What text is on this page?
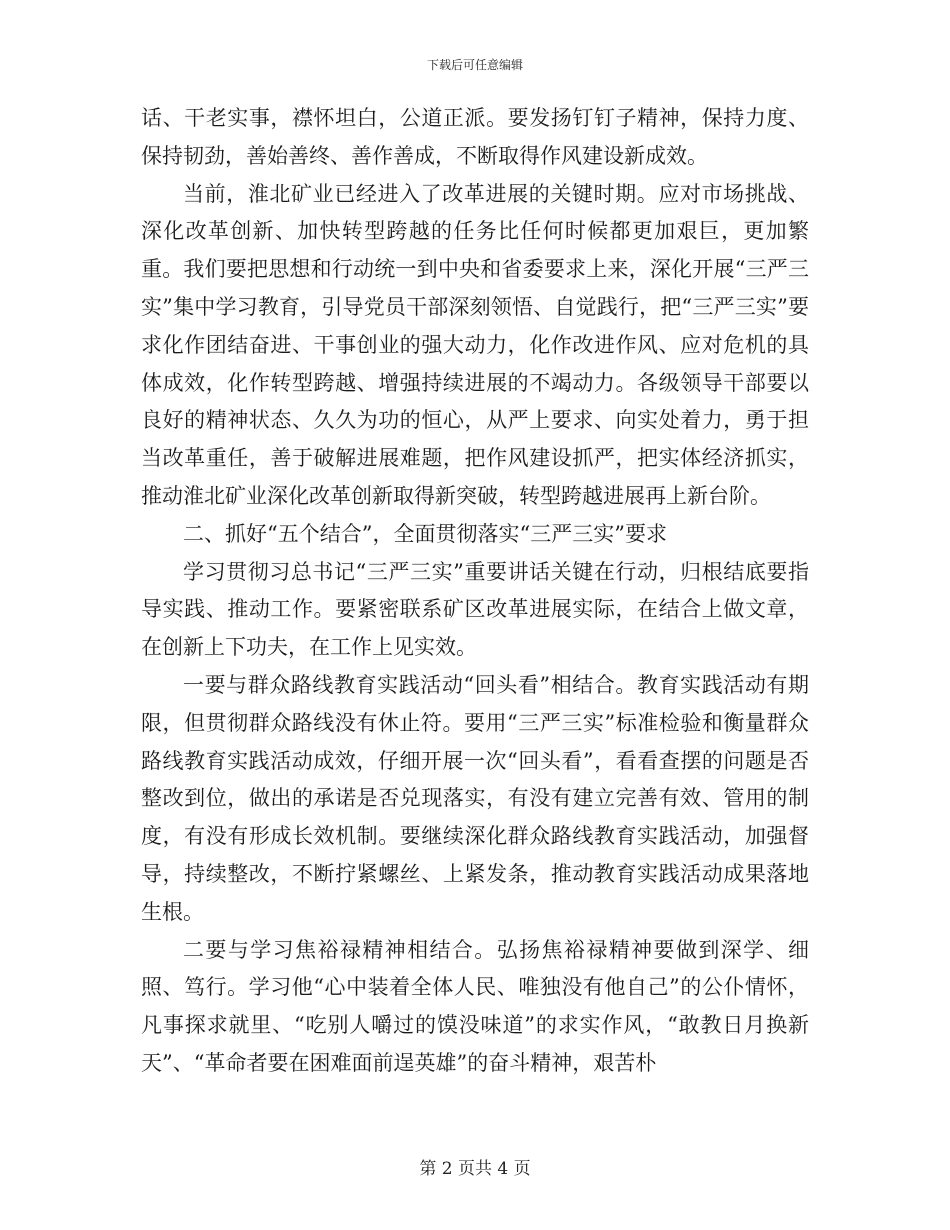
下载后可任意编辑

话、干老实事，襟怀坦白，公道正派。要发扬钉钉子精神，保持力度、保持韧劲，善始善终、善作善成，不断取得作风建设新成效。

当前，淮北矿业已经进入了改革进展的关键时期。应对市场挑战、深化改革创新、加快转型跨越的任务比任何时候都更加艰巨，更加繁重。我们要把思想和行动统一到中央和省委要求上来，深化开展“三严三实”集中学习教育，引导党员干部深刻领悟、自觉践行，把“三严三实”要求化作团结奋进、干事创业的强大动力，化作改进作风、应对危机的具体成效，化作转型跨越、增强持续进展的不竭动力。各级领导干部要以良好的精神状态、久久为功的恒心，从严上要求、向实处着力，勇于担当改革重任，善于破解进展难题，把作风建设抓严，把实体经济抓实，推动淮北矿业深化改革创新取得新突破，转型跨越进展再上新台阶。

二、抓好“五个结合”，全面贯彻落实“三严三实”要求

学习贯彻习总书记“三严三实”重要讲话关键在行动，归根结底要指导实践、推动工作。要紧密联系矿区改革进展实际，在结合上做文章，在创新上下功夫，在工作上见实效。

一要与群众路线教育实践活动“回头看”相结合。教育实践活动有期限，但贯彻群众路线没有休止符。要用“三严三实”标准检验和衡量群众路线教育实践活动成效，仔细开展一次“回头看”，看看查摆的问题是否整改到位，做出的承诺是否兑现落实，有没有建立完善有效、管用的制度，有没有形成长效机制。要继续深化群众路线教育实践活动，加强督导，持续整改，不断拧紧螺丝、上紧发条，推动教育实践活动成果落地生根。

二要与学习焦裕禄精神相结合。弘扬焦裕禄精神要做到深学、细照、笃行。学习他“心中装着全体人民、唯独没有他自己”的公仆情怀，凡事探求就里、“吃别人嚼过的馍没味道”的求实作风，“敢教日月换新天”、“革命者要在困难面前逞英雄”的奋斗精神，艰苦朴

第 2 页共 4 页
